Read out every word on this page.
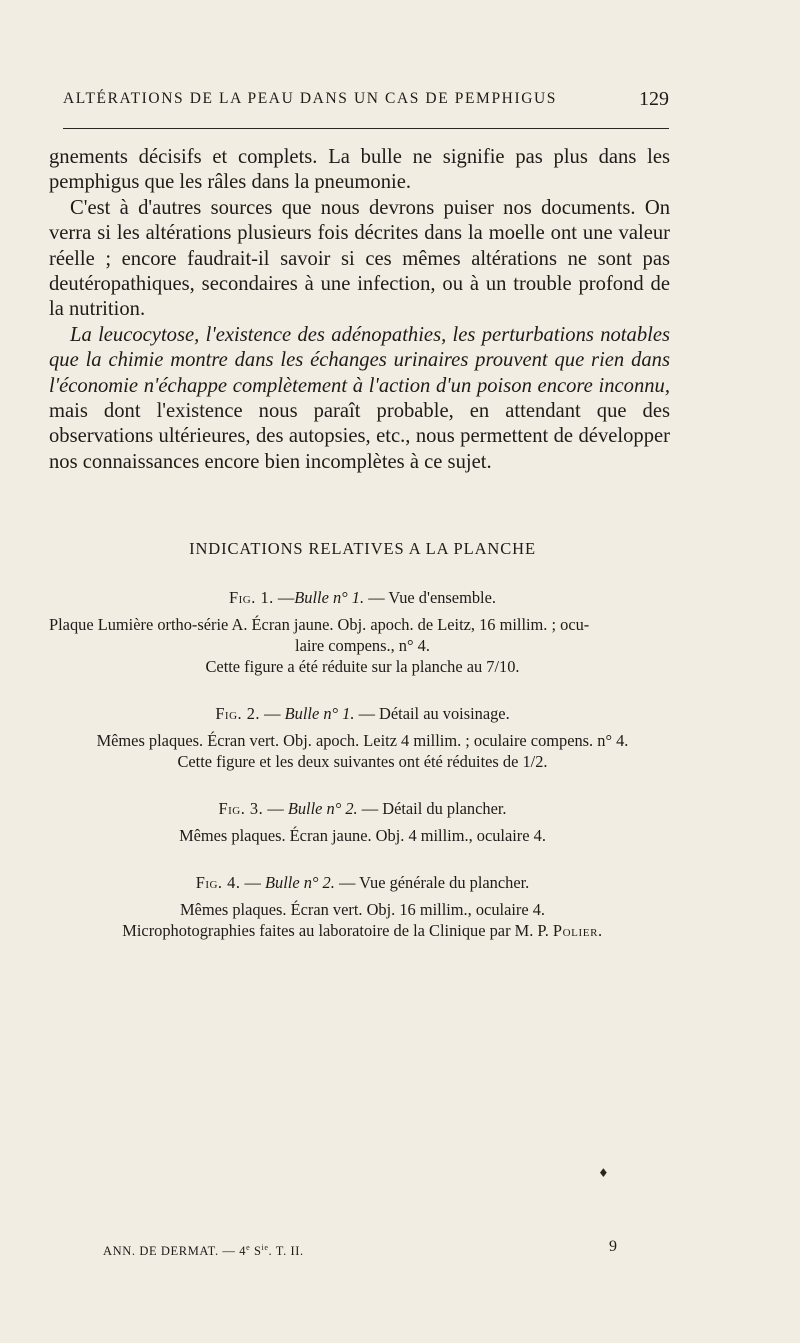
ALTÉRATIONS DE LA PEAU DANS UN CAS DE PEMPHIGUS	129

gnements décisifs et complets. La bulle ne signifie pas plus dans les pemphigus que les râles dans la pneumonie.

C'est à d'autres sources que nous devrons puiser nos documents. On verra si les altérations plusieurs fois décrites dans la moelle ont une valeur réelle ; encore faudrait-il savoir si ces mêmes altérations ne sont pas deutéropathiques, secondaires à une infection, ou à un trouble profond de la nutrition.

La leucocytose, l'existence des adénopathies, les perturbations notables que la chimie montre dans les échanges urinaires prouvent que rien dans l'économie n'échappe complètement à l'action d'un poison encore inconnu, mais dont l'existence nous paraît probable, en attendant que des observations ultérieures, des autopsies, etc., nous permettent de développer nos connaissances encore bien incomplètes à ce sujet.

INDICATIONS RELATIVES A LA PLANCHE

Fig. 1. —Bulle n° 1. — Vue d'ensemble.

Plaque Lumière ortho-série A. Écran jaune. Obj. apoch. de Leitz, 16 millim. ; ocu-

laire compens., n° 4.

Cette figure a été réduite sur la planche au 7/10.

Fig. 2. — Bulle n° 1. — Détail au voisinage.

Mêmes plaques. Écran vert. Obj. apoch. Leitz 4 millim. ; oculaire compens. n° 4.

Cette figure et les deux suivantes ont été réduites de 1/2.

Fig. 3. — Bulle n° 2. — Détail du plancher.

Mêmes plaques. Écran jaune. Obj. 4 millim., oculaire 4.

Fig. 4. — Bulle n° 2. — Vue générale du plancher.

Mêmes plaques. Écran vert. Obj. 16 millim., oculaire 4.

Microphotographies faites au laboratoire de la Clinique par M. P. Polier.

♦
ANN. DE DERMAT. — 4e $S^{ie}$. T. II.	9
